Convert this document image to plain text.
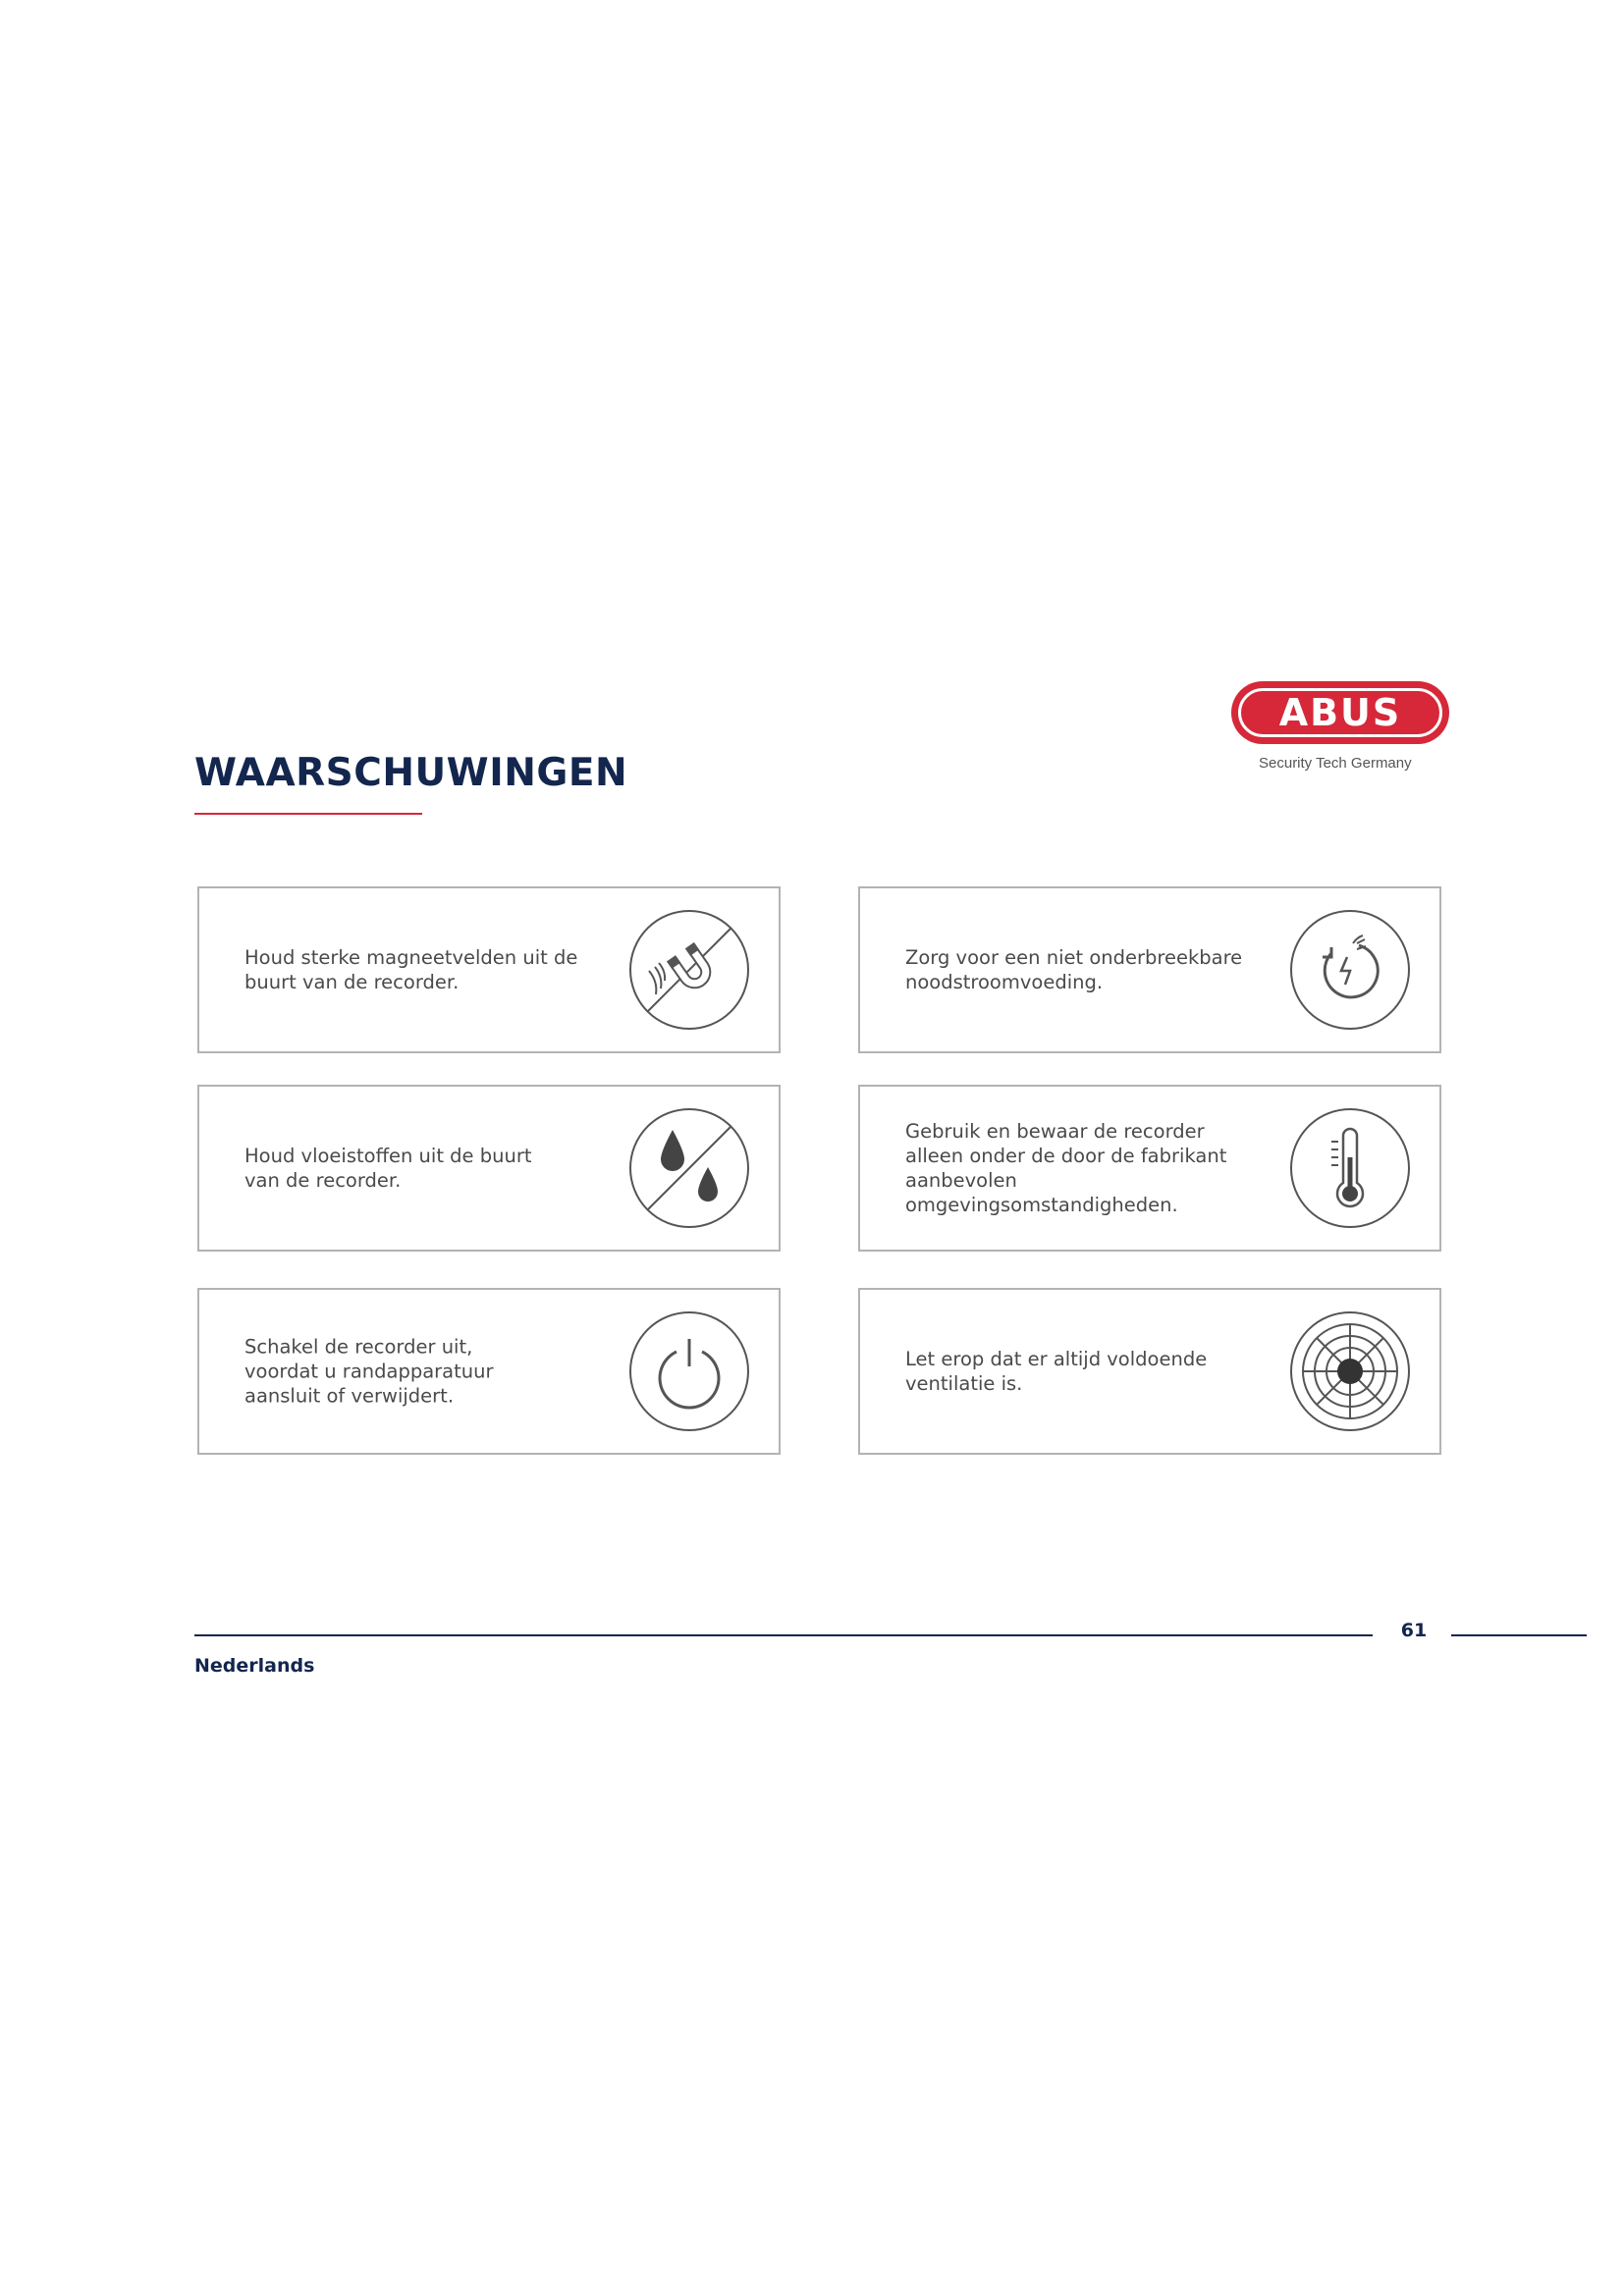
ABUS
Security Tech Germany
WAARSCHUWINGEN
Houd sterke magneetvelden uit de
buurt van de recorder.
Zorg voor een niet onderbreekbare
noodstroomvoeding.
Houd vloeistoffen uit de buurt
van de recorder.
Gebruik en bewaar de recorder
alleen onder de door de fabrikant
aanbevolen
omgevingsomstandigheden.
Schakel de recorder uit,
voordat u randapparatuur
aansluit of verwijdert.
Let erop dat er altijd voldoende
ventilatie is.
61
Nederlands
